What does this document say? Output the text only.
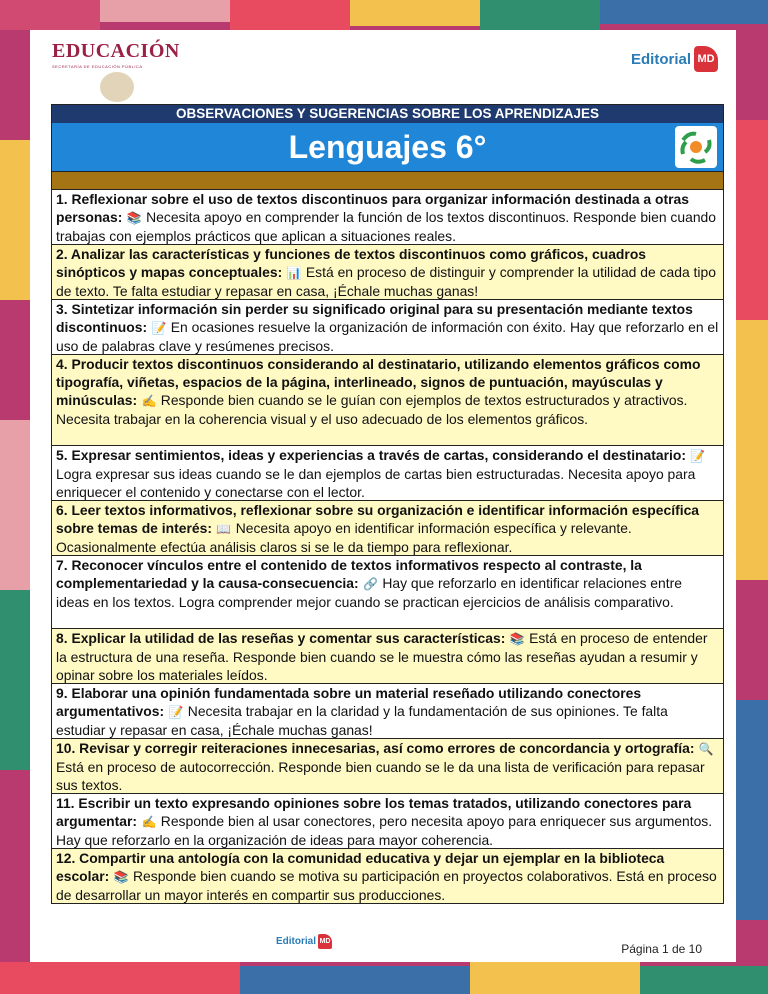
EDUCACIÓN
SECRETARÍA DE EDUCACIÓN PÚBLICA	Editorial MD
OBSERVACIONES Y SUGERENCIAS SOBRE LOS APRENDIZAJES
Lenguajes 6°
1. Reflexionar sobre el uso de textos discontinuos para organizar información destinada a otras personas: 📚 Necesita apoyo en comprender la función de los textos discontinuos. Responde bien cuando trabajas con ejemplos prácticos que aplican a situaciones reales.
2. Analizar las características y funciones de textos discontinuos como gráficos, cuadros sinópticos y mapas conceptuales: 📊 Está en proceso de distinguir y comprender la utilidad de cada tipo de texto. Te falta estudiar y repasar en casa, ¡Échale muchas ganas!
3. Sintetizar información sin perder su significado original para su presentación mediante textos discontinuos: 📝 En ocasiones resuelve la organización de información con éxito. Hay que reforzarlo en el uso de palabras clave y resúmenes precisos.
4. Producir textos discontinuos considerando al destinatario, utilizando elementos gráficos como tipografía, viñetas, espacios de la página, interlineado, signos de puntuación, mayúsculas y minúsculas: ✍ Responde bien cuando se le guían con ejemplos de textos estructurados y atractivos. Necesita trabajar en la coherencia visual y el uso adecuado de los elementos gráficos.
5. Expresar sentimientos, ideas y experiencias a través de cartas, considerando el destinatario: 📝 Logra expresar sus ideas cuando se le dan ejemplos de cartas bien estructuradas. Necesita apoyo para enriquecer el contenido y conectarse con el lector.
6. Leer textos informativos, reflexionar sobre su organización e identificar información específica sobre temas de interés: 📖 Necesita apoyo en identificar información específica y relevante. Ocasionalmente efectúa análisis claros si se le da tiempo para reflexionar.
7. Reconocer vínculos entre el contenido de textos informativos respecto al contraste, la complementariedad y la causa-consecuencia: 🔗 Hay que reforzarlo en identificar relaciones entre ideas en los textos. Logra comprender mejor cuando se practican ejercicios de análisis comparativo.
8. Explicar la utilidad de las reseñas y comentar sus características: 📚 Está en proceso de entender la estructura de una reseña. Responde bien cuando se le muestra cómo las reseñas ayudan a resumir y opinar sobre los materiales leídos.
9. Elaborar una opinión fundamentada sobre un material reseñado utilizando conectores argumentativos: 📝 Necesita trabajar en la claridad y la fundamentación de sus opiniones. Te falta estudiar y repasar en casa, ¡Échale muchas ganas!
10. Revisar y corregir reiteraciones innecesarias, así como errores de concordancia y ortografía: 🔍 Está en proceso de autocorrección. Responde bien cuando se le da una lista de verificación para repasar sus textos.
11. Escribir un texto expresando opiniones sobre los temas tratados, utilizando conectores para argumentar: ✍ Responde bien al usar conectores, pero necesita apoyo para enriquecer sus argumentos. Hay que reforzarlo en la organización de ideas para mayor coherencia.
12. Compartir una antología con la comunidad educativa y dejar un ejemplar en la biblioteca escolar: 📚 Responde bien cuando se motiva su participación en proyectos colaborativos. Está en proceso de desarrollar un mayor interés en compartir sus producciones.
Editorial MD
Página 1 de 10
